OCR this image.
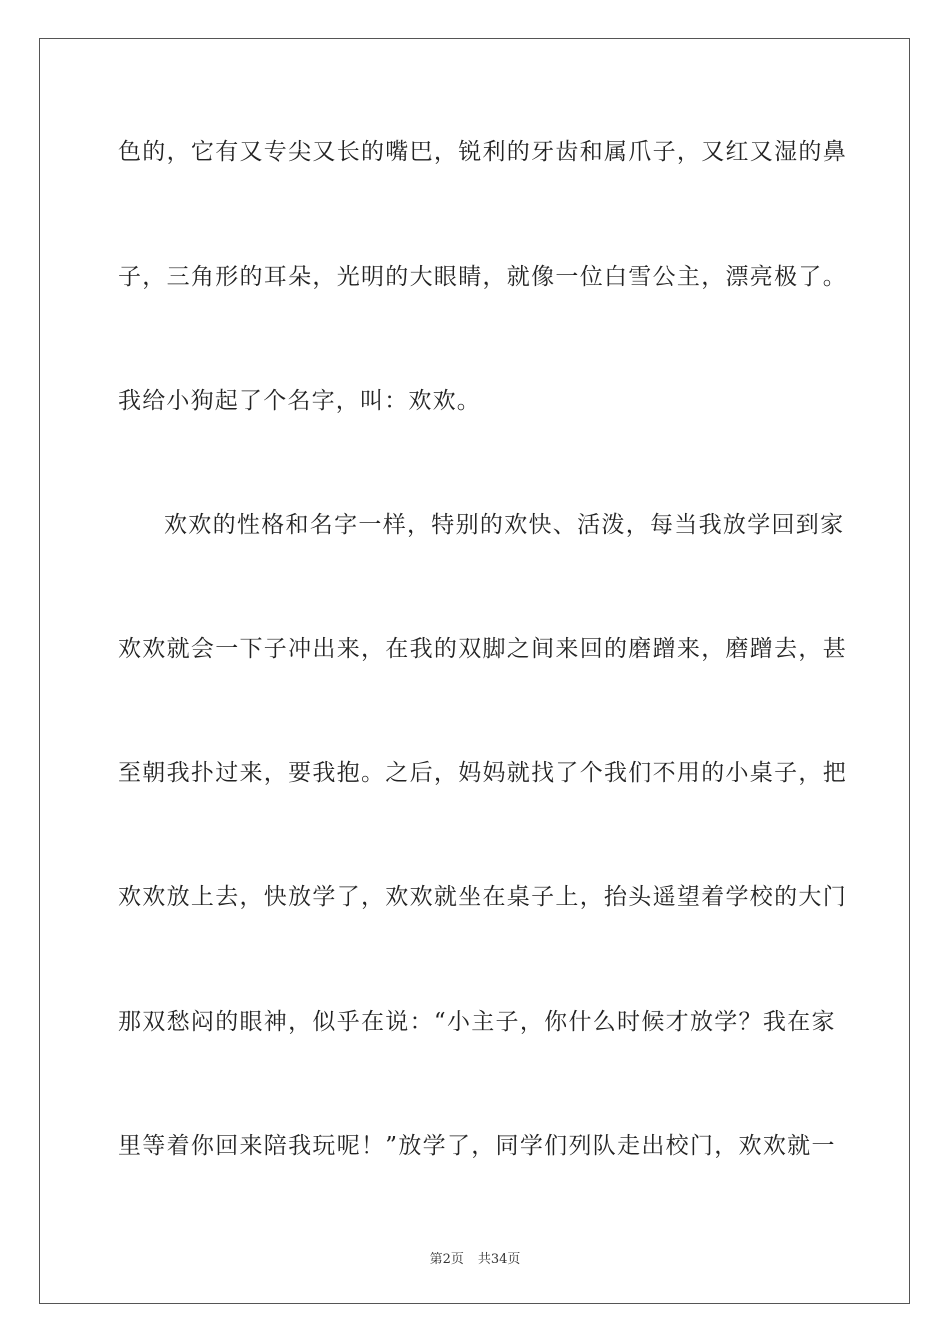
色的，它有又专尖又长的嘴巴，锐利的牙齿和属爪子，又红又湿的鼻
子，三角形的耳朵，光明的大眼睛，就像一位白雪公主，漂亮极了。
我给小狗起了个名字，叫：欢欢。
欢欢的性格和名字一样，特别的欢快、活泼，每当我放学回到家
欢欢就会一下子冲出来，在我的双脚之间来回的磨蹭来，磨蹭去，甚
至朝我扑过来，要我抱。之后，妈妈就找了个我们不用的小桌子，把
欢欢放上去，快放学了，欢欢就坐在桌子上，抬头遥望着学校的大门
那双愁闷的眼神，似乎在说：“小主子，你什么时候才放学？我在家
里等着你回来陪我玩呢！”放学了，同学们列队走出校门，欢欢就一
第2页 共34页
